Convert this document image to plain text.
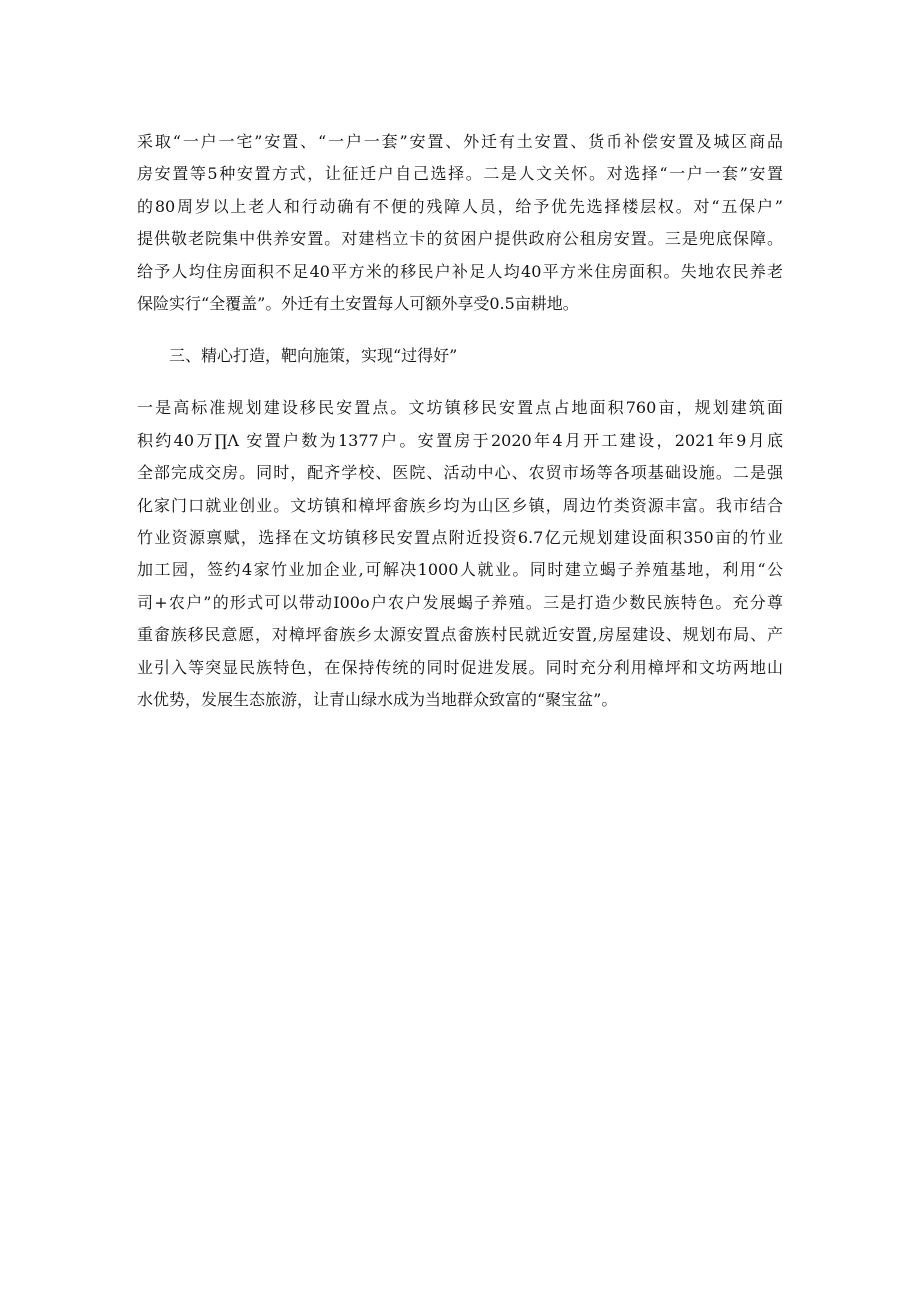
采取“一户一宅”安置、“一户一套”安置、外迁有土安置、货币补偿安置及城区商品
房安置等5种安置方式，让征迁户自己选择。二是人文关怀。对选择“一户一套”安置
的80周岁以上老人和行动确有不便的残障人员，给予优先选择楼层权。对“五保户”
提供敬老院集中供养安置。对建档立卡的贫困户提供政府公租房安置。三是兜底保障。
给予人均住房面积不足40平方米的移民户补足人均40平方米住房面积。失地农民养老
保险实行“全覆盖”。外迁有土安置每人可额外享受0.5亩耕地。

三、精心打造，靶向施策，实现“过得好”

一是高标准规划建设移民安置点。文坊镇移民安置点占地面积760亩，规划建筑面
积约40万∏Λ 安置户数为1377户。安置房于2020年4月开工建设，2021年9月底
全部完成交房。同时，配齐学校、医院、活动中心、农贸市场等各项基础设施。二是强
化家门口就业创业。文坊镇和樟坪畲族乡均为山区乡镇，周边竹类资源丰富。我市结合
竹业资源禀赋，选择在文坊镇移民安置点附近投资6.7亿元规划建设面积350亩的竹业
加工园，签约4家竹业加企业,可解决1000人就业。同时建立蝎子养殖基地，利用“公
司+农户”的形式可以带动I00o户农户发展蝎子养殖。三是打造少数民族特色。充分尊
重畲族移民意愿，对樟坪畲族乡太源安置点畲族村民就近安置,房屋建设、规划布局、产
业引入等突显民族特色，在保持传统的同时促进发展。同时充分利用樟坪和文坊两地山
水优势，发展生态旅游，让青山绿水成为当地群众致富的“聚宝盆”。
